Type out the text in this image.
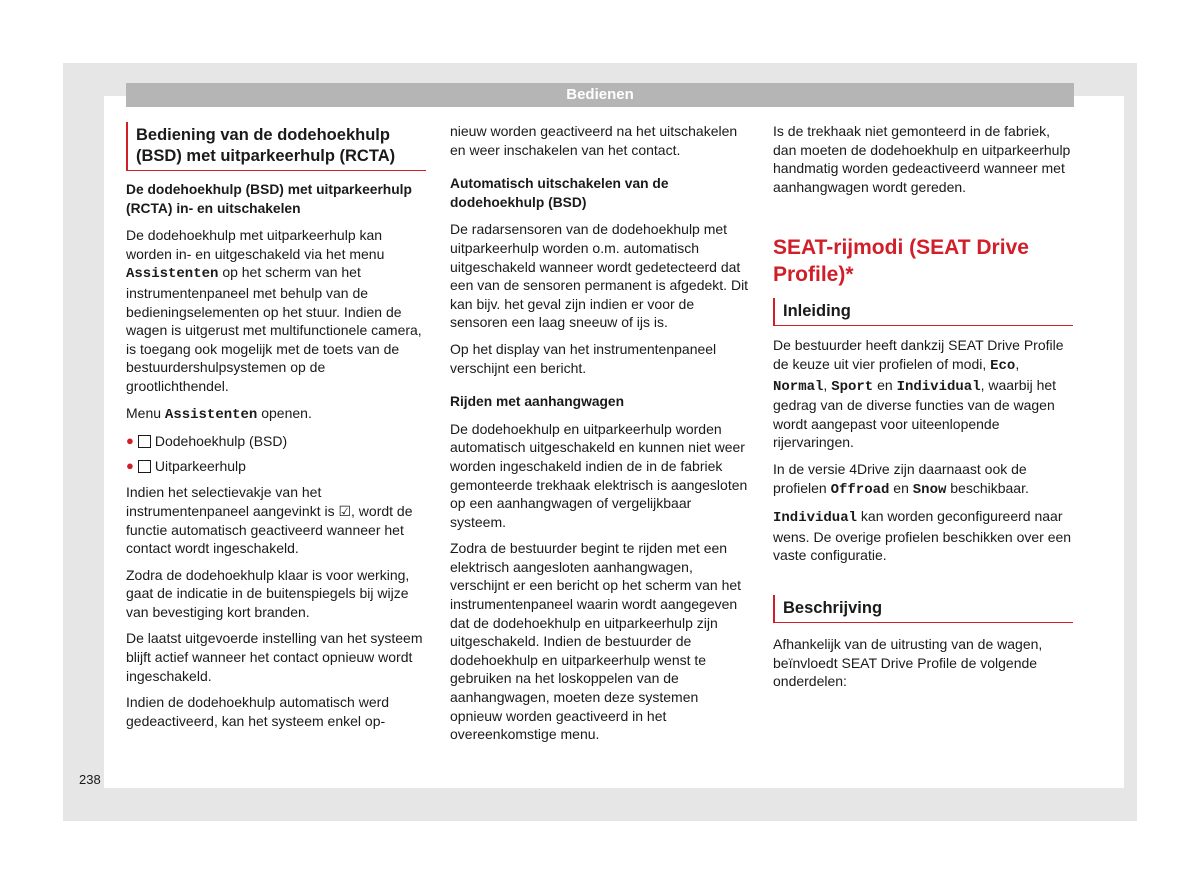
Bedienen
Bediening van de dodehoekhulp (BSD) met uitparkeerhulp (RCTA)

De dodehoekhulp (BSD) met uitparkeerhulp (RCTA) in- en uitschakelen

De dodehoekhulp met uitparkeerhulp kan worden in- en uitgeschakeld via het menu Assistenten op het scherm van het instrumentenpaneel met behulp van de bedieningselementen op het stuur. Indien de wagen is uitgerust met multifunctionele camera, is toegang ook mogelijk met de toets van de bestuurdershulpsystemen op de grootlichthendel.

Menu Assistenten openen.

● Dodehoekhulp (BSD)
● Uitparkeerhulp

Indien het selectievakje van het instrumentenpaneel aangevinkt is ☑, wordt de functie automatisch geactiveerd wanneer het contact wordt ingeschakeld.

Zodra de dodehoekhulp klaar is voor werking, gaat de indicatie in de buitenspiegels bij wijze van bevestiging kort branden.

De laatst uitgevoerde instelling van het systeem blijft actief wanneer het contact opnieuw wordt ingeschakeld.

Indien de dodehoekhulp automatisch werd gedeactiveerd, kan het systeem enkel op-

nieuw worden geactiveerd na het uitschakelen en weer inschakelen van het contact.

Automatisch uitschakelen van de dodehoekhulp (BSD)

De radarsensoren van de dodehoekhulp met uitparkeerhulp worden o.m. automatisch uitgeschakeld wanneer wordt gedetecteerd dat een van de sensoren permanent is afgedekt. Dit kan bijv. het geval zijn indien er voor de sensoren een laag sneeuw of ijs is.

Op het display van het instrumentenpaneel verschijnt een bericht.

Rijden met aanhangwagen

De dodehoekhulp en uitparkeerhulp worden automatisch uitgeschakeld en kunnen niet weer worden ingeschakeld indien de in de fabriek gemonteerde trekhaak elektrisch is aangesloten op een aanhangwagen of vergelijkbaar systeem.

Zodra de bestuurder begint te rijden met een elektrisch aangesloten aanhangwagen, verschijnt er een bericht op het scherm van het instrumentenpaneel waarin wordt aangegeven dat de dodehoekhulp en uitparkeerhulp zijn uitgeschakeld. Indien de bestuurder de dodehoekhulp en uitparkeerhulp wenst te gebruiken na het loskoppelen van de aanhangwagen, moeten deze systemen opnieuw worden geactiveerd in het overeenkomstige menu.

Is de trekhaak niet gemonteerd in de fabriek, dan moeten de dodehoekhulp en uitparkeerhulp handmatig worden gedeactiveerd wanneer met aanhangwagen wordt gereden.

SEAT-rijmodi (SEAT Drive Profile)*
Inleiding

De bestuurder heeft dankzij SEAT Drive Profile de keuze uit vier profielen of modi, Eco, Normal, Sport en Individual, waarbij het gedrag van de diverse functies van de wagen wordt aangepast voor uiteenlopende rijervaringen.

In de versie 4Drive zijn daarnaast ook de profielen Offroad en Snow beschikbaar.

Individual kan worden geconfigureerd naar wens. De overige profielen beschikken over een vaste configuratie.

Beschrijving

Afhankelijk van de uitrusting van de wagen, beïnvloedt SEAT Drive Profile de volgende onderdelen:

238
